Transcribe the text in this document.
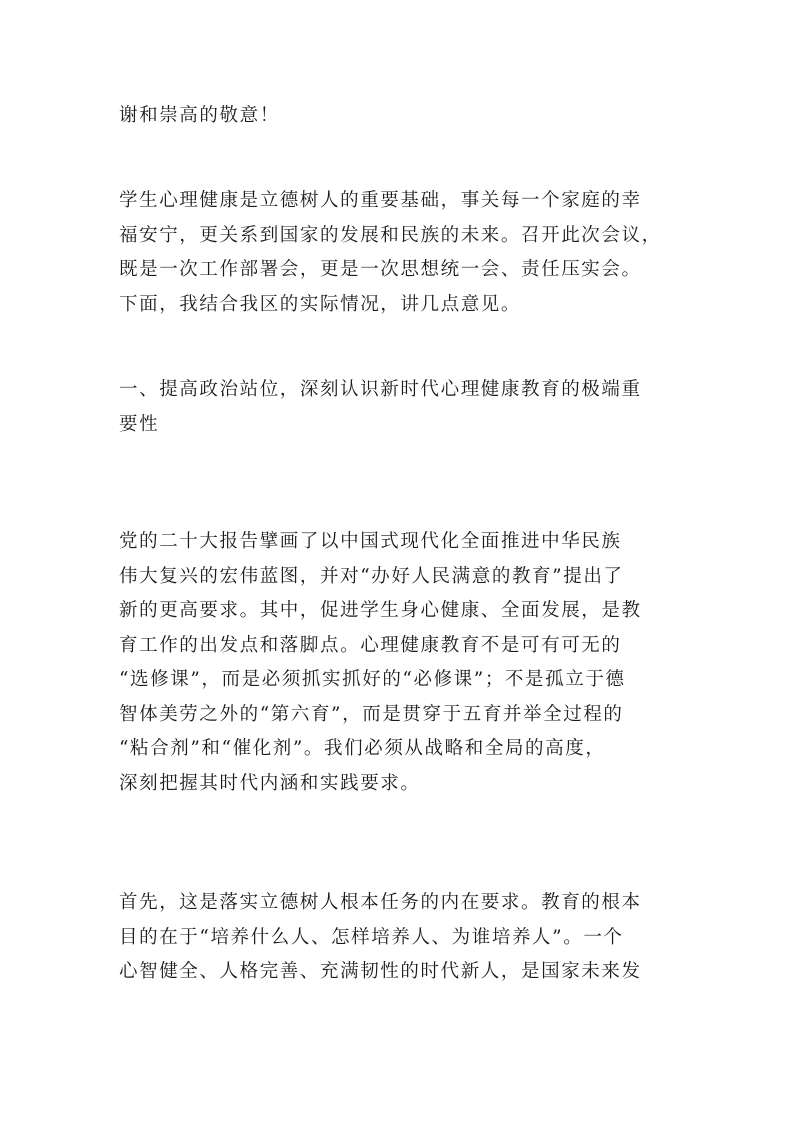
谢和崇高的敬意！

学生心理健康是立德树人的重要基础，事关每一个家庭的幸
福安宁，更关系到国家的发展和民族的未来。召开此次会议，
既是一次工作部署会，更是一次思想统一会、责任压实会。
下面，我结合我区的实际情况，讲几点意见。

一、提高政治站位，深刻认识新时代心理健康教育的极端重
要性

党的二十大报告擘画了以中国式现代化全面推进中华民族
伟大复兴的宏伟蓝图，并对“办好人民满意的教育”提出了
新的更高要求。其中，促进学生身心健康、全面发展，是教
育工作的出发点和落脚点。心理健康教育不是可有可无的
“选修课”，而是必须抓实抓好的“必修课”；不是孤立于德
智体美劳之外的“第六育”，而是贯穿于五育并举全过程的
“粘合剂”和“催化剂”。我们必须从战略和全局的高度，
深刻把握其时代内涵和实践要求。

首先，这是落实立德树人根本任务的内在要求。教育的根本
目的在于“培养什么人、怎样培养人、为谁培养人”。一个
心智健全、人格完善、充满韧性的时代新人，是国家未来发
